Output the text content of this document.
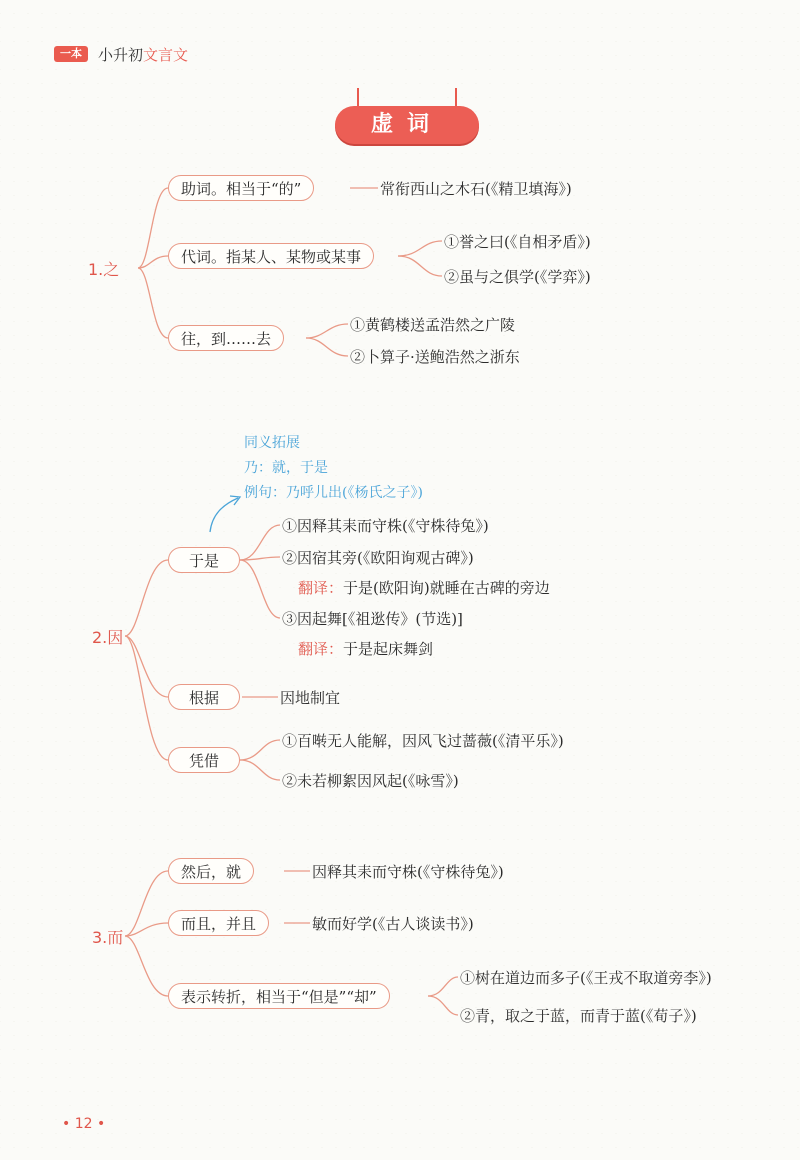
一本	小升初文言文
虚词
1.之
助词。相当于“的”	常衔西山之木石(《精卫填海》)
代词。指某人、某物或某事
①誉之曰(《自相矛盾》)
②虽与之俱学(《学弈》)
往，到……去
①黄鹤楼送孟浩然之广陵
②卜算子·送鲍浩然之浙东
同义拓展
乃：就，于是
例句：乃呼儿出(《杨氏之子》)
2.因
于是
①因释其耒而守株(《守株待兔》)
②因宿其旁(《欧阳询观古碑》)
翻译：于是(欧阳询)就睡在古碑的旁边
③因起舞[《祖逖传》(节选)]
翻译：于是起床舞剑
根据	因地制宜
凭借
①百啭无人能解，因风飞过蔷薇(《清平乐》)
②未若柳絮因风起(《咏雪》)
3.而
然后，就	因释其耒而守株(《守株待兔》)
而且，并且	敏而好学(《古人谈读书》)
表示转折，相当于“但是”“却”
①树在道边而多子(《王戎不取道旁李》)
②青，取之于蓝，而青于蓝(《荀子》)
• 12 •
